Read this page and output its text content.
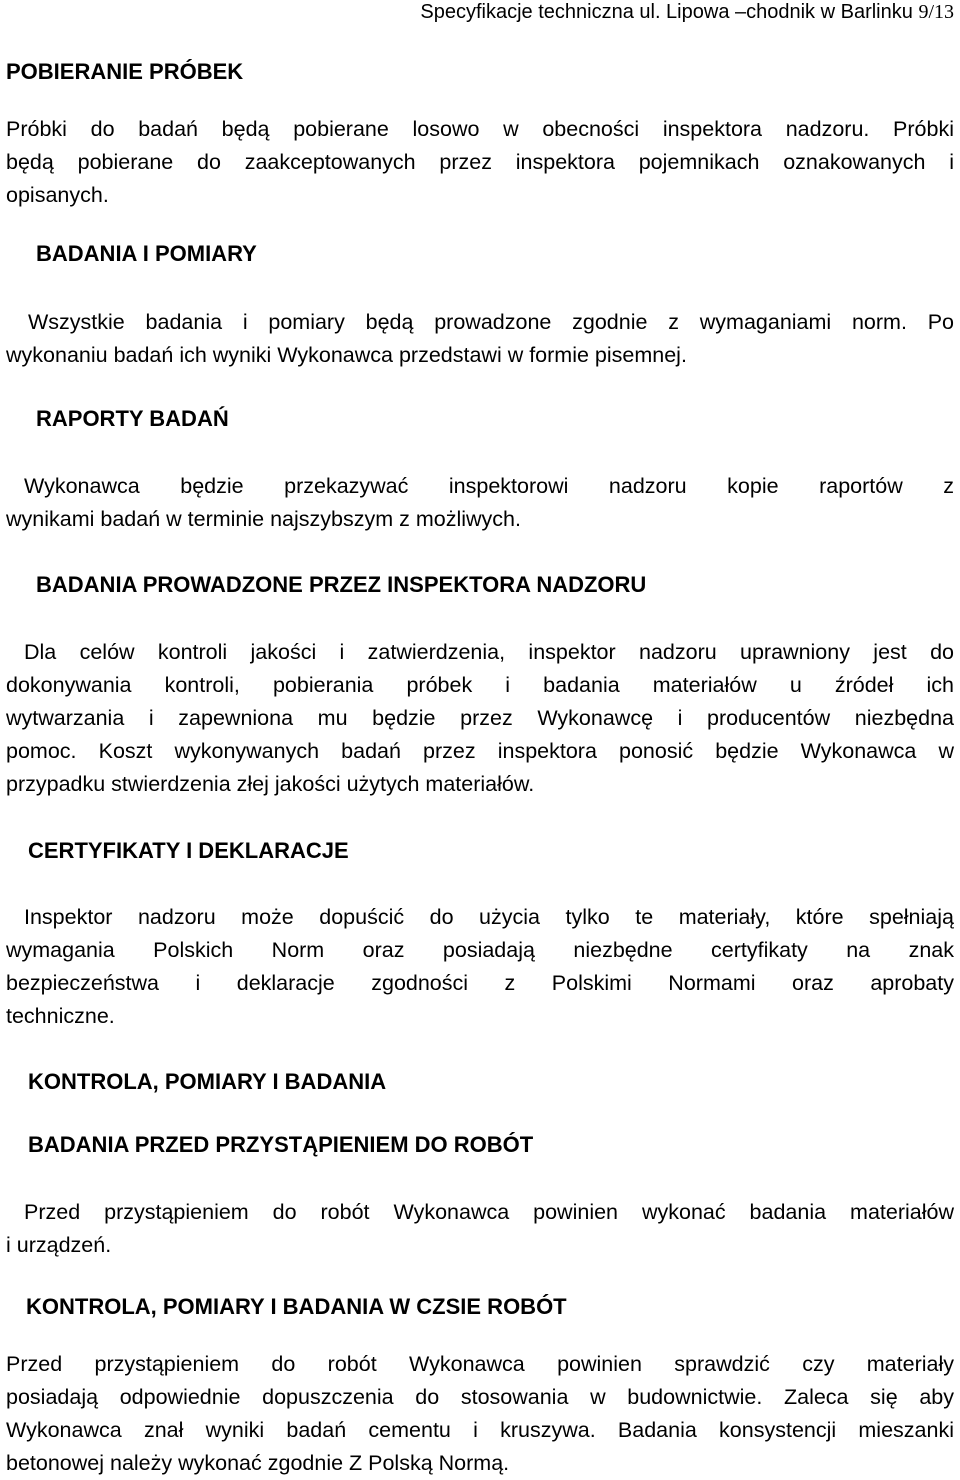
Specyfikacje techniczna ul. Lipowa –chodnik w Barlinku 9/13
POBIERANIE PRÓBEK
Próbki do badań będą pobierane losowo w obecności inspektora nadzoru. Próbki
będą pobierane do zaakceptowanych przez inspektora pojemnikach oznakowanych i
opisanych.
BADANIA I POMIARY
Wszystkie badania i pomiary będą prowadzone zgodnie z wymaganiami norm. Po
wykonaniu badań ich wyniki Wykonawca przedstawi w formie pisemnej.
RAPORTY BADAŃ
Wykonawca będzie przekazywać inspektorowi nadzoru kopie raportów z
wynikami badań w terminie najszybszym z możliwych.
BADANIA PROWADZONE PRZEZ INSPEKTORA NADZORU
Dla celów kontroli jakości i zatwierdzenia, inspektor nadzoru uprawniony jest do
dokonywania kontroli, pobierania próbek i badania materiałów u źródeł ich
wytwarzania i zapewniona mu będzie przez Wykonawcę i producentów niezbędna
pomoc. Koszt wykonywanych badań przez inspektora ponosić będzie Wykonawca w
przypadku stwierdzenia złej jakości użytych materiałów.
CERTYFIKATY I DEKLARACJE
Inspektor nadzoru może dopuścić do użycia tylko te materiały, które spełniają
wymagania Polskich Norm oraz posiadają niezbędne certyfikaty na znak
bezpieczeństwa i deklaracje zgodności z Polskimi Normami oraz aprobaty
techniczne.
KONTROLA, POMIARY I BADANIA
BADANIA PRZED PRZYSTĄPIENIEM DO ROBÓT
Przed przystąpieniem do robót Wykonawca powinien wykonać badania materiałów
i urządzeń.
KONTROLA, POMIARY I BADANIA W CZSIE ROBÓT
Przed przystąpieniem do robót Wykonawca powinien sprawdzić czy materiały
posiadają odpowiednie dopuszczenia do stosowania w budownictwie. Zaleca się aby
Wykonawca znał wyniki badań cementu i kruszywa. Badania konsystencji mieszanki
betonowej należy wykonać zgodnie Z Polską Normą.
